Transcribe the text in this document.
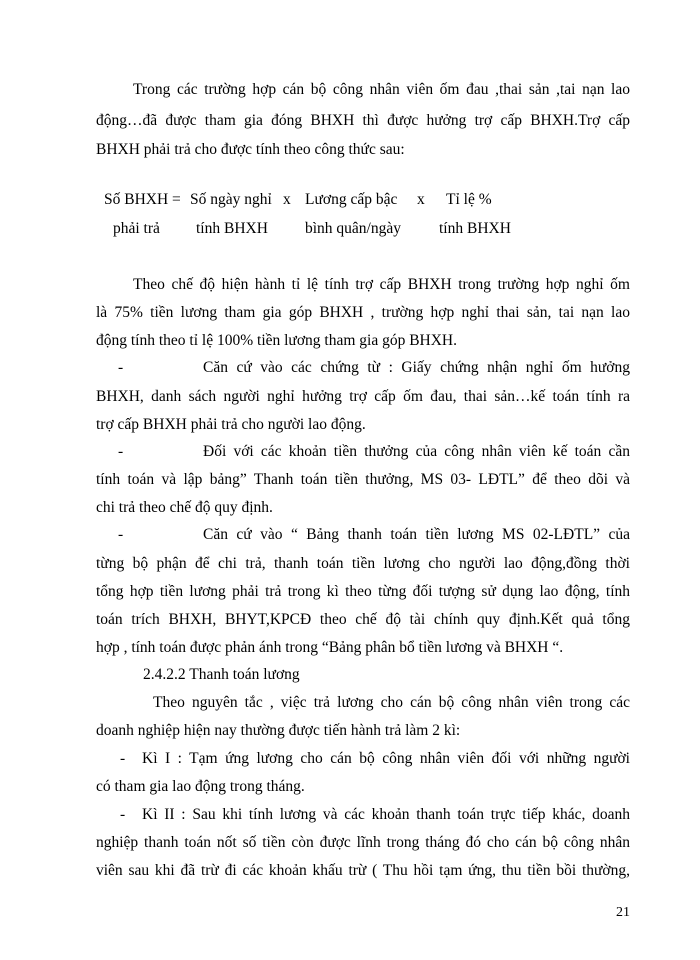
Trong các trường hợp cán bộ công nhân viên ốm đau ,thai sản ,tai nạn lao
động…đã được tham gia đóng BHXH thì được hưởng trợ cấp BHXH.Trợ cấp
BHXH phải trả cho được tính theo công thức sau:
Số BHXH = Số ngày nghỉ x Lương cấp bậc x Tỉ lệ %
phải trả tính BHXH bình quân/ngày tính BHXH
Theo chế độ hiện hành tỉ lệ tính trợ cấp BHXH trong trường hợp nghỉ ốm
là 75% tiền lương tham gia góp BHXH , trường hợp nghỉ thai sản, tai nạn lao
động tính theo tỉ lệ 100% tiền lương tham gia góp BHXH.
-	Căn cứ vào các chứng từ : Giấy chứng nhận nghỉ ốm hưởng
BHXH, danh sách người nghỉ hưởng trợ cấp ốm đau, thai sản…kế toán tính ra
trợ cấp BHXH phải trả cho người lao động.
-	Đối với các khoản tiền thưởng của công nhân viên kế toán cần
tính toán và lập bảng” Thanh toán tiền thưởng, MS 03- LĐTL” để theo dõi và
chi trả theo chế độ quy định.
-	Căn cứ vào “ Bảng thanh toán tiền lương MS 02-LĐTL” của
từng bộ phận để chi trả, thanh toán tiền lương cho người lao động,đồng thời
tổng hợp tiền lương phải trả trong kì theo từng đối tượng sử dụng lao động, tính
toán trích BHXH, BHYT,KPCĐ theo chế độ tài chính quy định.Kết quả tổng
hợp , tính toán được phản ánh trong “Bảng phân bổ tiền lương và BHXH “.
2.4.2.2 Thanh toán lương
Theo nguyên tắc , việc trả lương cho cán bộ công nhân viên trong các
doanh nghiệp hiện nay thường được tiến hành trả làm 2 kì:
- Kì I : Tạm ứng lương cho cán bộ công nhân viên đối với những người
có tham gia lao động trong tháng.
- Kì II : Sau khi tính lương và các khoản thanh toán trực tiếp khác, doanh
nghiệp thanh toán nốt số tiền còn được lĩnh trong tháng đó cho cán bộ công nhân
viên sau khi đã trừ đi các khoản khấu trừ ( Thu hồi tạm ứng, thu tiền bồi thường,
21
